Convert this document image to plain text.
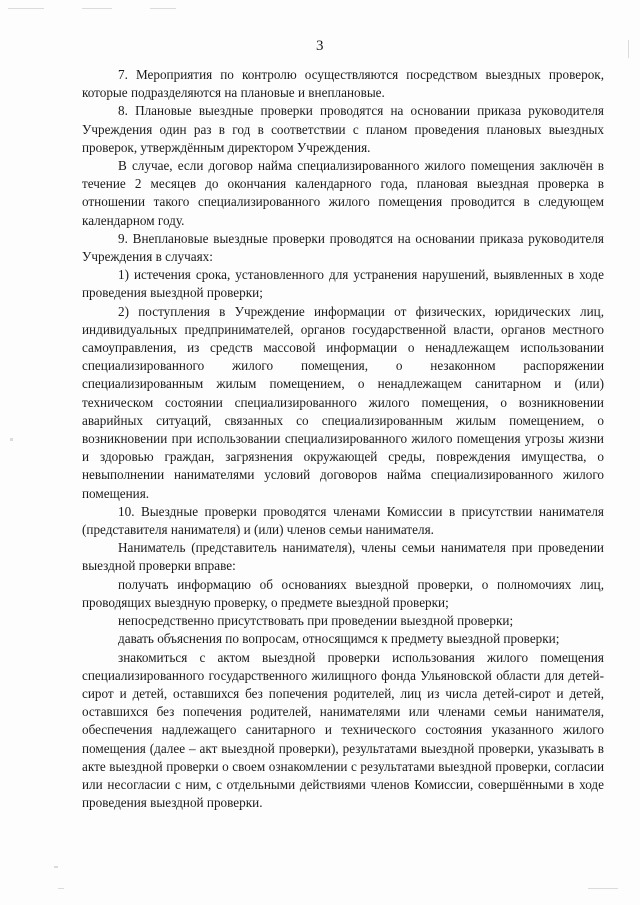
3

7. Мероприятия по контролю осуществляются посредством выездных проверок, которые подразделяются на плановые и внеплановые.

8. Плановые выездные проверки проводятся на основании приказа руководителя Учреждения один раз в год в соответствии с планом проведения плановых выездных проверок, утверждённым директором Учреждения.

В случае, если договор найма специализированного жилого помещения заключён в течение 2 месяцев до окончания календарного года, плановая выездная проверка в отношении такого специализированного жилого помещения проводится в следующем календарном году.

9. Внеплановые выездные проверки проводятся на основании приказа руководителя Учреждения в случаях:

1) истечения срока, установленного для устранения нарушений, выявленных в ходе проведения выездной проверки;

2) поступления в Учреждение информации от физических, юридических лиц, индивидуальных предпринимателей, органов государственной власти, органов местного самоуправления, из средств массовой информации о ненадлежащем использовании специализированного жилого помещения, о незаконном распоряжении специализированным жилым помещением, о ненадлежащем санитарном и (или) техническом состоянии специализированного жилого помещения, о возникновении аварийных ситуаций, связанных со специализированным жилым помещением, о возникновении при использовании специализированного жилого помещения угрозы жизни и здоровью граждан, загрязнения окружающей среды, повреждения имущества, о невыполнении нанимателями условий договоров найма специализированного жилого помещения.

10. Выездные проверки проводятся членами Комиссии в присутствии нанимателя (представителя нанимателя) и (или) членов семьи нанимателя.

Наниматель (представитель нанимателя), члены семьи нанимателя при проведении выездной проверки вправе:

получать информацию об основаниях выездной проверки, о полномочиях лиц, проводящих выездную проверку, о предмете выездной проверки;

непосредственно присутствовать при проведении выездной проверки;

давать объяснения по вопросам, относящимся к предмету выездной проверки;

знакомиться с актом выездной проверки использования жилого помещения специализированного государственного жилищного фонда Ульяновской области для детей-сирот и детей, оставшихся без попечения родителей, лиц из числа детей-сирот и детей, оставшихся без попечения родителей, нанимателями или членами семьи нанимателя, обеспечения надлежащего санитарного и технического состояния указанного жилого помещения (далее – акт выездной проверки), результатами выездной проверки, указывать в акте выездной проверки о своем ознакомлении с результатами выездной проверки, согласии или несогласии с ним, с отдельными действиями членов Комиссии, совершёнными в ходе проведения выездной проверки.
